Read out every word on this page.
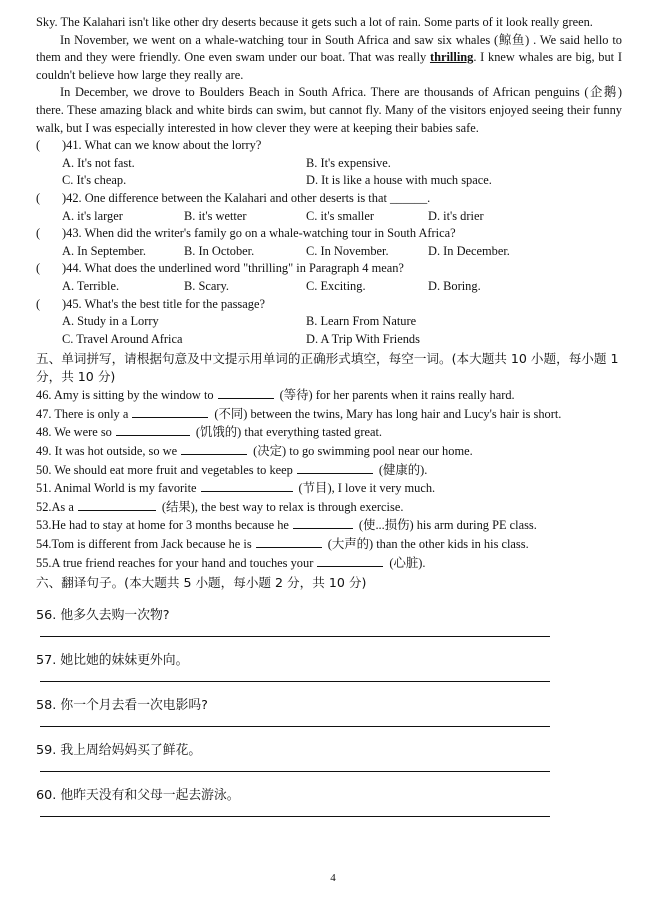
Sky. The Kalahari isn't like other dry deserts because it gets such a lot of rain. Some parts of it look really green.

In November, we went on a whale-watching tour in South Africa and saw six whales (鲸鱼) . We said hello to them and they were friendly. One even swam under our boat. That was really thrilling. I knew whales are big, but I couldn't believe how large they really are.

In December, we drove to Boulders Beach in South Africa. There are thousands of African penguins (企鹅) there. These amazing black and white birds can swim, but cannot fly. Many of the visitors enjoyed seeing their funny walk, but I was especially interested in how clever they were at keeping their babies safe.

(	)41. What can we know about the lorry?
A. It's not fast.	B. It's expensive.
C. It's cheap.	D. It is like a house with much space.
(	)42. One difference between the Kalahari and other deserts is that ______.
A. it's larger	B. it's wetter	C. it's smaller	D. it's drier
(	)43. When did the writer's family go on a whale-watching tour in South Africa?
A. In September.	B. In October.	C. In November.	D. In December.
(	)44. What does the underlined word "thrilling" in Paragraph 4 mean?
A. Terrible.	B. Scary.	C. Exciting.	D. Boring.
(	)45. What's the best title for the passage?
A. Study in a Lorry	B. Learn From Nature
C. Travel Around Africa	D. A Trip With Friends

五、单词拼写，请根据句意及中文提示用单词的正确形式填空，每空一词。(本大题共 10 小题，每小题 1 分，共 10 分)

46. Amy is sitting by the window to	(等待) for her parents when it rains really hard.

47. There is only a	(不同) between the twins, Mary has long hair and Lucy's hair is short.

48. We were so	(饥饿的) that everything tasted great.

49. It was hot outside, so we	(决定) to go swimming pool near our home.

50. We should eat more fruit and vegetables to keep	(健康的).

51. Animal World is my favorite	(节目), I love it very much.

52.As a	(结果), the best way to relax is through exercise.

53.He had to stay at home for 3 months because he	(使...损伤) his arm during PE class.

54.Tom is different from Jack because he is	(大声的) than the other kids in his class.

55.A true friend reaches for your hand and touches your	(心脏).

六、翻译句子。(本大题共 5 小题，每小题 2 分，共 10 分)

56. 他多久去购一次物?
57. 她比她的妹妹更外向。
58. 你一个月去看一次电影吗?
59. 我上周给妈妈买了鲜花。
60. 他昨天没有和父母一起去游泳。
4
